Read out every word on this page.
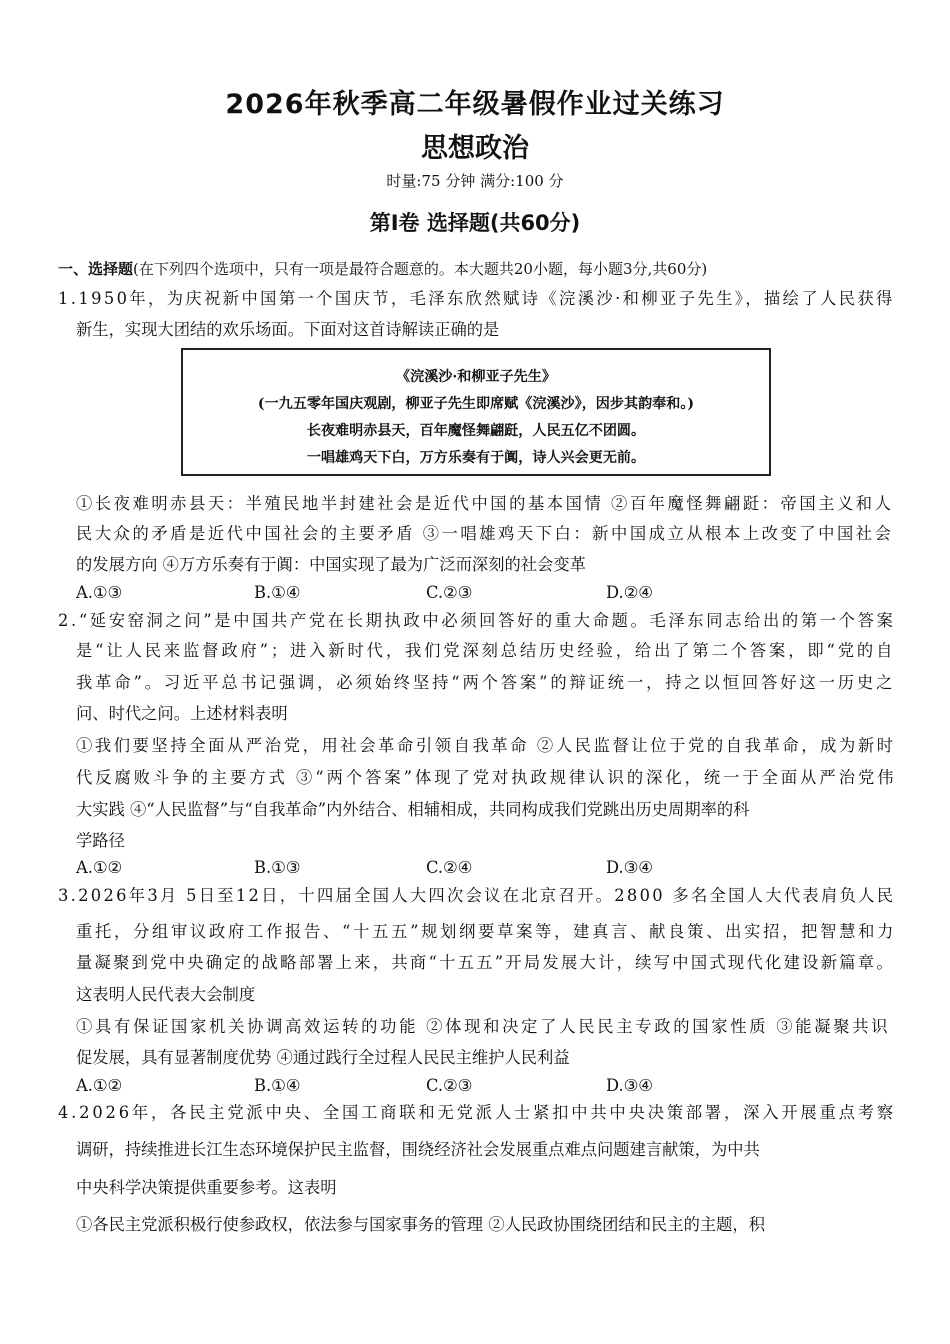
2026年秋季高二年级暑假作业过关练习
思想政治
时量:75 分钟 满分:100 分
第Ⅰ卷 选择题(共60分)
一、选择题(在下列四个选项中，只有一项是最符合题意的。本大题共20小题，每小题3分,共60分)
1.1950年，为庆祝新中国第一个国庆节，毛泽东欣然赋诗《浣溪沙·和柳亚子先生》，描绘了人民获得
新生，实现大团结的欢乐场面。下面对这首诗解读正确的是
《浣溪沙·和柳亚子先生》
(一九五零年国庆观剧，柳亚子先生即席赋《浣溪沙》，因步其韵奉和。)
长夜难明赤县天，百年魔怪舞翩跹，人民五亿不团圆。
一唱雄鸡天下白，万方乐奏有于阗，诗人兴会更无前。
①长夜难明赤县天：半殖民地半封建社会是近代中国的基本国情 ②百年魔怪舞翩跹：帝国主义和人
民大众的矛盾是近代中国社会的主要矛盾 ③一唱雄鸡天下白：新中国成立从根本上改变了中国社会
的发展方向 ④万方乐奏有于阗：中国实现了最为广泛而深刻的社会变革
A.①③	B.①④	C.②③	D.②④
2.“延安窑洞之问”是中国共产党在长期执政中必须回答好的重大命题。毛泽东同志给出的第一个答案
是“让人民来监督政府”；进入新时代，我们党深刻总结历史经验，给出了第二个答案，即“党的自
我革命”。习近平总书记强调，必须始终坚持“两个答案”的辩证统一，持之以恒回答好这一历史之
问、时代之问。上述材料表明
①我们要坚持全面从严治党，用社会革命引领自我革命 ②人民监督让位于党的自我革命，成为新时
代反腐败斗争的主要方式 ③“两个答案”体现了党对执政规律认识的深化，统一于全面从严治党伟
大实践 ④“人民监督”与“自我革命”内外结合、相辅相成，共同构成我们党跳出历史周期率的科
学路径
A.①②	B.①③	C.②④	D.③④
3.2026年3月 5日至12日，十四届全国人大四次会议在北京召开。2800 多名全国人大代表肩负人民
重托，分组审议政府工作报告、“十五五”规划纲要草案等，建真言、献良策、出实招，把智慧和力
量凝聚到党中央确定的战略部署上来，共商“十五五”开局发展大计，续写中国式现代化建设新篇章。
这表明人民代表大会制度
①具有保证国家机关协调高效运转的功能 ②体现和决定了人民民主专政的国家性质 ③能凝聚共识
促发展，具有显著制度优势 ④通过践行全过程人民民主维护人民利益
A.①②	B.①④	C.②③	D.③④
4.2026年，各民主党派中央、全国工商联和无党派人士紧扣中共中央决策部署，深入开展重点考察
调研，持续推进长江生态环境保护民主监督，围绕经济社会发展重点难点问题建言献策，为中共
中央科学决策提供重要参考。这表明
①各民主党派积极行使参政权，依法参与国家事务的管理 ②人民政协围绕团结和民主的主题，积
